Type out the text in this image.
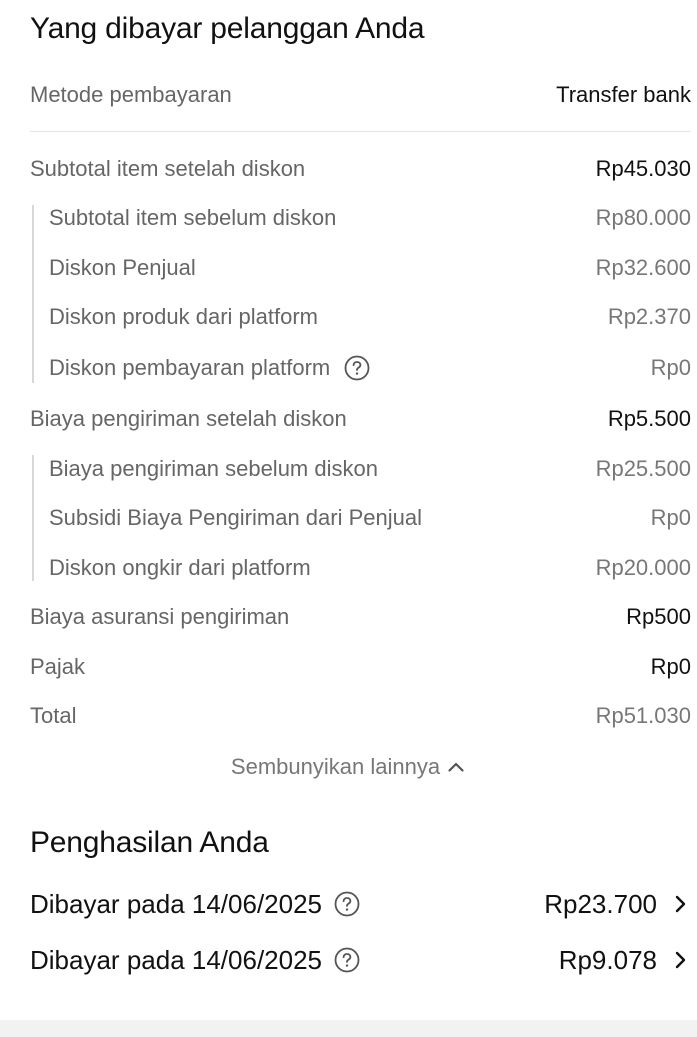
Yang dibayar pelanggan Anda
Metode pembayaran	Transfer bank
Subtotal item setelah diskon	Rp45.030
Subtotal item sebelum diskon	Rp80.000
Diskon Penjual	Rp32.600
Diskon produk dari platform	Rp2.370
Diskon pembayaran platform	Rp0
Biaya pengiriman setelah diskon	Rp5.500
Biaya pengiriman sebelum diskon	Rp25.500
Subsidi Biaya Pengiriman dari Penjual	Rp0
Diskon ongkir dari platform	Rp20.000
Biaya asuransi pengiriman	Rp500
Pajak	Rp0
Total	Rp51.030
Sembunyikan lainnya
Penghasilan Anda
Dibayar pada 14/06/2025	Rp23.700
Dibayar pada 14/06/2025	Rp9.078
